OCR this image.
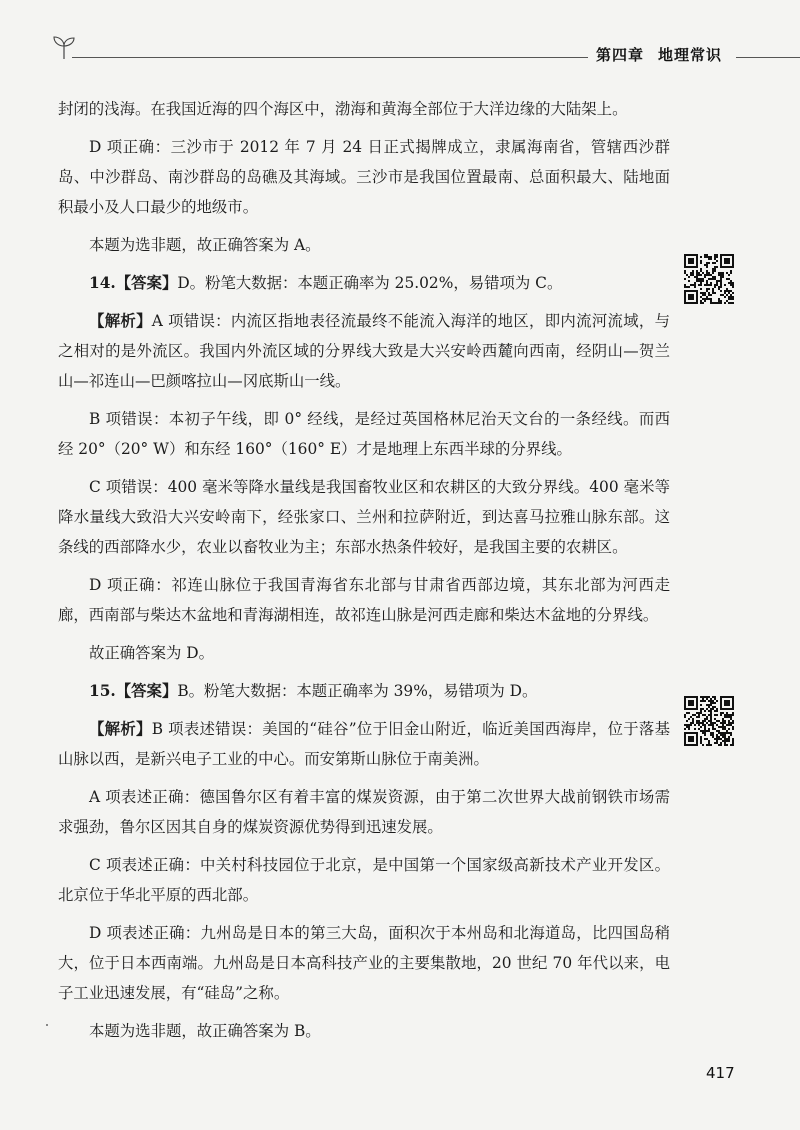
第四章 地理常识

封闭的浅海。在我国近海的四个海区中，渤海和黄海全部位于大洋边缘的大陆架上。

D 项正确：三沙市于 2012 年 7 月 24 日正式揭牌成立，隶属海南省，管辖西沙群岛、中沙群岛、南沙群岛的岛礁及其海域。三沙市是我国位置最南、总面积最大、陆地面积最小及人口最少的地级市。

本题为选非题，故正确答案为 A。

14.【答案】D。粉笔大数据：本题正确率为 25.02%，易错项为 C。

【解析】A 项错误：内流区指地表径流最终不能流入海洋的地区，即内流河流域，与之相对的是外流区。我国内外流区域的分界线大致是大兴安岭西麓向西南，经阴山—贺兰山—祁连山—巴颜喀拉山—冈底斯山一线。

B 项错误：本初子午线，即 0° 经线，是经过英国格林尼治天文台的一条经线。而西经 20°（20° W）和东经 160°（160° E）才是地理上东西半球的分界线。

C 项错误：400 毫米等降水量线是我国畜牧业区和农耕区的大致分界线。400 毫米等降水量线大致沿大兴安岭南下，经张家口、兰州和拉萨附近，到达喜马拉雅山脉东部。这条线的西部降水少，农业以畜牧业为主；东部水热条件较好，是我国主要的农耕区。

D 项正确：祁连山脉位于我国青海省东北部与甘肃省西部边境，其东北部为河西走廊，西南部与柴达木盆地和青海湖相连，故祁连山脉是河西走廊和柴达木盆地的分界线。

故正确答案为 D。

15.【答案】B。粉笔大数据：本题正确率为 39%，易错项为 D。

【解析】B 项表述错误：美国的“硅谷”位于旧金山附近，临近美国西海岸，位于落基山脉以西，是新兴电子工业的中心。而安第斯山脉位于南美洲。

A 项表述正确：德国鲁尔区有着丰富的煤炭资源，由于第二次世界大战前钢铁市场需求强劲，鲁尔区因其自身的煤炭资源优势得到迅速发展。

C 项表述正确：中关村科技园位于北京，是中国第一个国家级高新技术产业开发区。北京位于华北平原的西北部。

D 项表述正确：九州岛是日本的第三大岛，面积次于本州岛和北海道岛，比四国岛稍大，位于日本西南端。九州岛是日本高科技产业的主要集散地，20 世纪 70 年代以来，电子工业迅速发展，有“硅岛”之称。

本题为选非题，故正确答案为 B。

417
